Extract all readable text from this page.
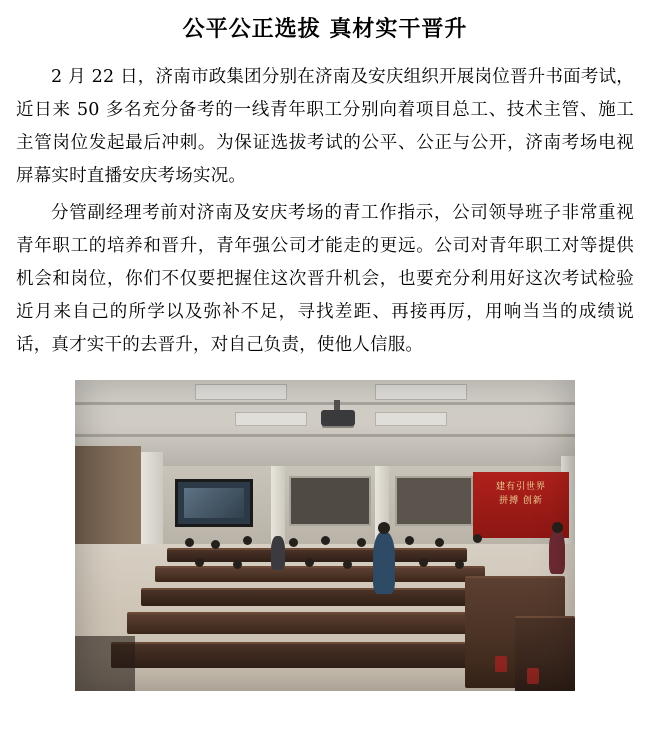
公平公正选拔 真材实干晋升

2 月 22 日，济南市政集团分别在济南及安庆组织开展岗位晋升书面考试，近日来 50 多名充分备考的一线青年职工分别向着项目总工、技术主管、施工主管岗位发起最后冲刺。为保证选拔考试的公平、公正与公开，济南考场电视屏幕实时直播安庆考场实况。

分管副经理考前对济南及安庆考场的青工作指示，公司领导班子非常重视青年职工的培养和晋升，青年强公司才能走的更远。公司对青年职工对等提供机会和岗位，你们不仅要把握住这次晋升机会，也要充分利用好这次考试检验近月来自己的所学以及弥补不足，寻找差距、再接再厉，用响当当的成绩说话，真才实干的去晋升，对自己负责，使他人信服。

建有引世界
拼搏 创新
